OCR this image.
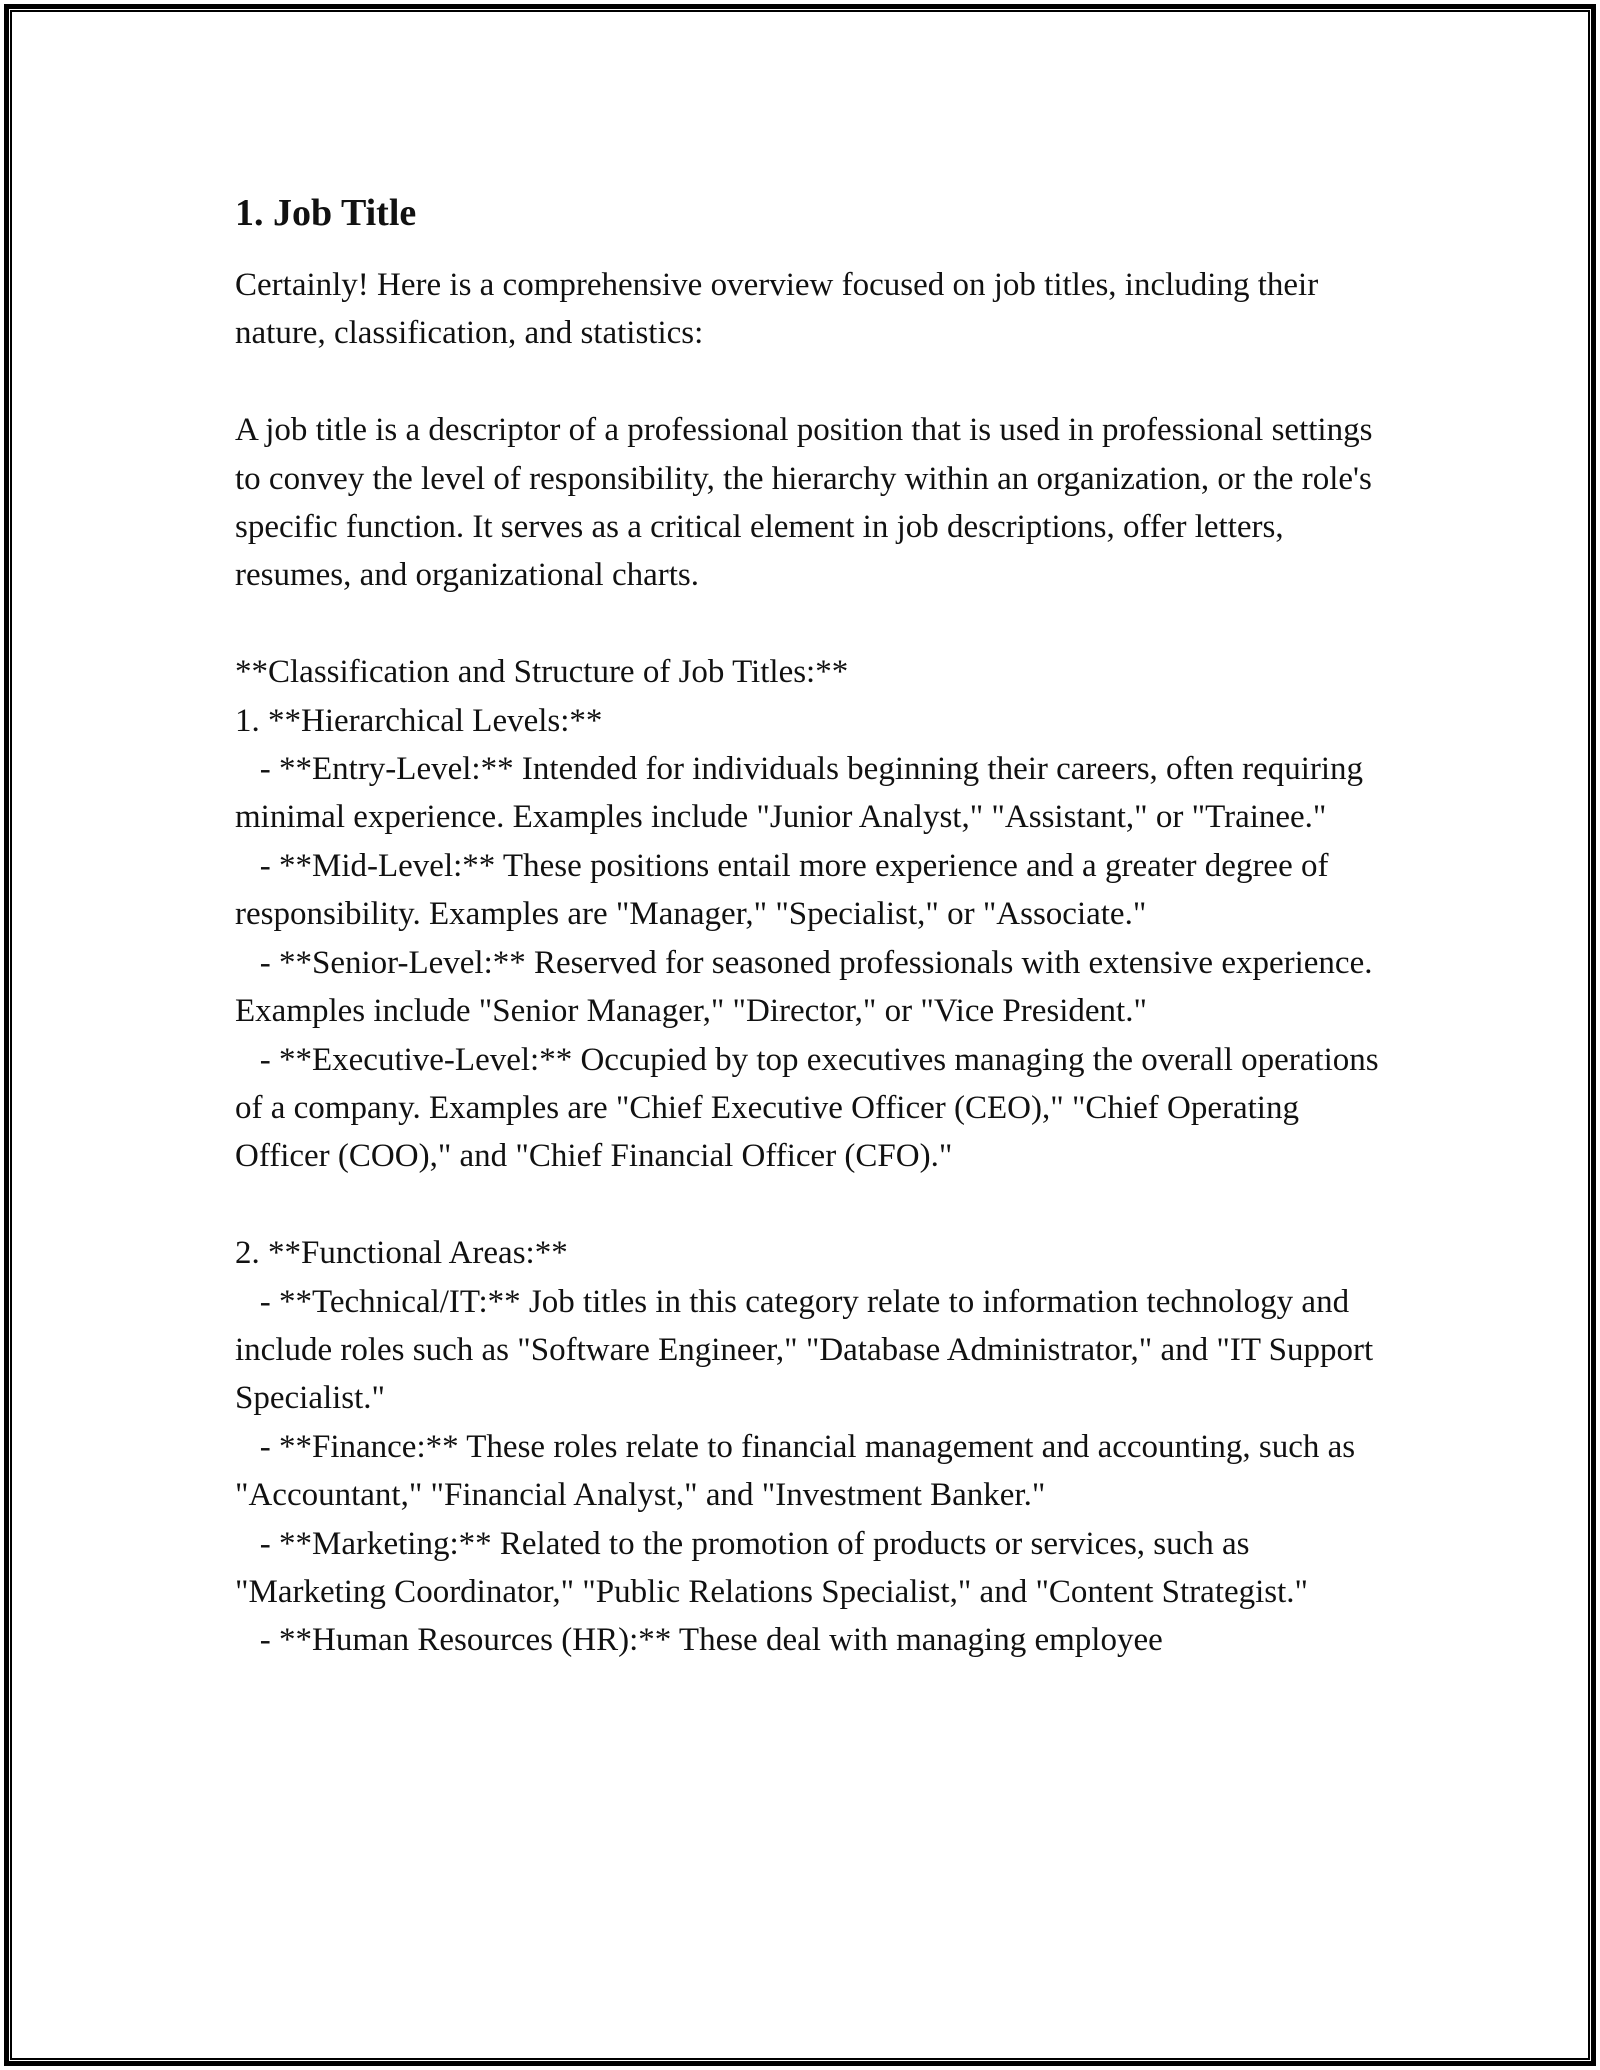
1. Job Title

Certainly! Here is a comprehensive overview focused on job titles, including their nature, classification, and statistics:

A job title is a descriptor of a professional position that is used in professional settings to convey the level of responsibility, the hierarchy within an organization, or the role's specific function. It serves as a critical element in job descriptions, offer letters, resumes, and organizational charts.

**Classification and Structure of Job Titles:**
1. **Hierarchical Levels:**
- **Entry-Level:** Intended for individuals beginning their careers, often requiring minimal experience. Examples include "Junior Analyst," "Assistant," or "Trainee."
- **Mid-Level:** These positions entail more experience and a greater degree of responsibility. Examples are "Manager," "Specialist," or "Associate."
- **Senior-Level:** Reserved for seasoned professionals with extensive experience. Examples include "Senior Manager," "Director," or "Vice President."
- **Executive-Level:** Occupied by top executives managing the overall operations of a company. Examples are "Chief Executive Officer (CEO)," "Chief Operating Officer (COO)," and "Chief Financial Officer (CFO)."

2. **Functional Areas:**
- **Technical/IT:** Job titles in this category relate to information technology and include roles such as "Software Engineer," "Database Administrator," and "IT Support Specialist."
- **Finance:** These roles relate to financial management and accounting, such as "Accountant," "Financial Analyst," and "Investment Banker."
- **Marketing:** Related to the promotion of products or services, such as "Marketing Coordinator," "Public Relations Specialist," and "Content Strategist."
- **Human Resources (HR):** These deal with managing employee
